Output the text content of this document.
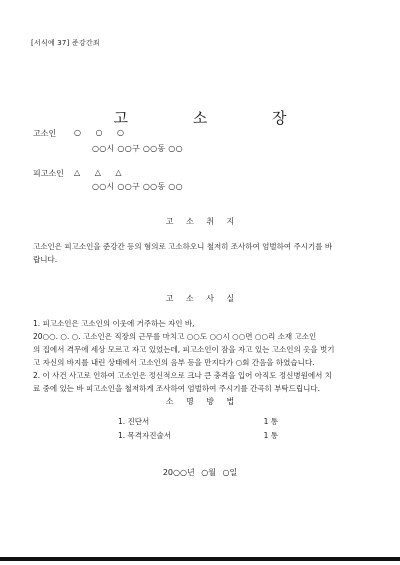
[서식예 37] 준강간죄
고 소 장
고소인 ○ ○ ○
○○시 ○○구 ○○동 ○○
피고소인 △ △ △
○○시 ○○구 ○○동 ○○
고 소 취 지
고소인은 피고소인을 준강간 등의 혐의로 고소하오니 철저히 조사하여 엄벌하여 주시기를 바
랍니다.
고 소 사 실
1. 피고소인은 고소인의 이웃에 거주하는 자인 바,
20○○. ○. ○. 고소인은 직장의 근무를 마치고 ○○도 ○○시 ○○면 ○○리 소재 고소인
의 집에서 격무에 세상 모르고 자고 있었는데, 피고소인이 잠을 자고 있는 고소인의 옷을 벗기
고 자신의 바지를 내린 상태에서 고소인의 음부 등을 만지다가 ○회 간음을 하였습니다.
2. 이 사건 사고로 인하여 고소인은 정신적으로 크나 큰 충격을 입어 아직도 정신병원에서 치
료 중에 있는 바 피고소인을 철저하게 조사하여 엄벌하여 주시기를 간곡히 부탁드립니다.
소 명 방 법
1. 진단서	1 통
1. 목격자진술서	1 통
20○○년 ○월 ○일
